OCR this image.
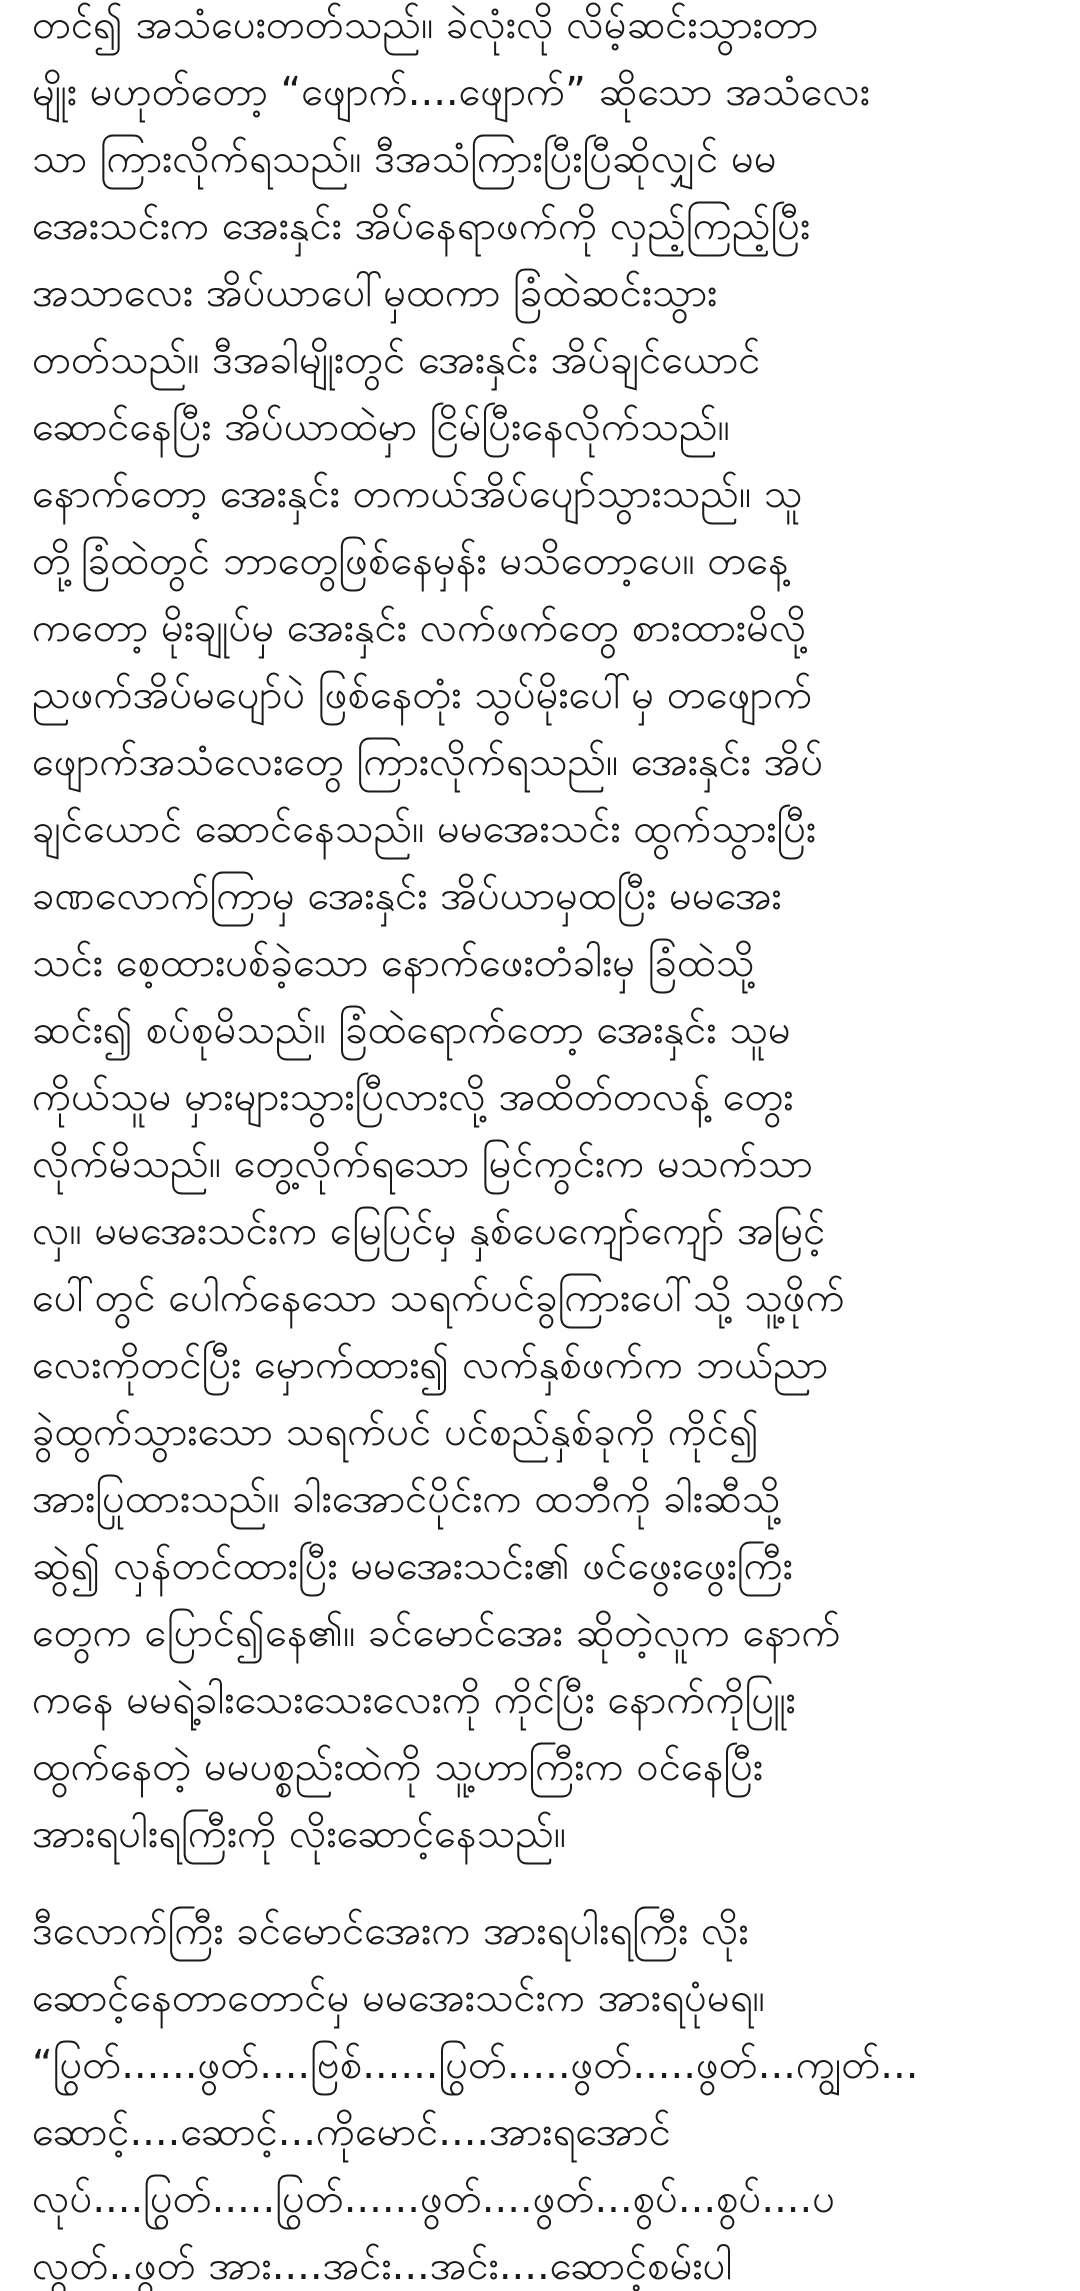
တင်၍ အသံပေးတတ်သည်။ ခဲလုံးလို လိမ့်ဆင်းသွားတာ
မျိုး မဟုတ်တော့ “ဖျောက်....ဖျောက်” ဆိုသော အသံလေး
သာ ကြားလိုက်ရသည်။ ဒီအသံကြားပြီးပြီဆိုလျှင် မမ
အေးသင်းက အေးနှင်း အိပ်နေရာဖက်ကို လှည့်ကြည့်ပြီး
အသာလေး အိပ်ယာပေါ်မှထကာ ခြံထဲဆင်းသွား
တတ်သည်။ ဒီအခါမျိုးတွင် အေးနှင်း အိပ်ချင်ယောင်
ဆောင်နေပြီး အိပ်ယာထဲမှာ ငြိမ်ပြီးနေလိုက်သည်။
နောက်တော့ အေးနှင်း တကယ်အိပ်ပျော်သွားသည်။ သူ
တို့ခြံထဲတွင် ဘာတွေဖြစ်နေမှန်း မသိတော့ပေ။ တနေ့
ကတော့ မိုးချုပ်မှ အေးနှင်း လက်ဖက်တွေ စားထားမိလို့
ညဖက်အိပ်မပျော်ပဲ ဖြစ်နေတုံး သွပ်မိုးပေါ်မှ တဖျောက်
ဖျောက်အသံလေးတွေ ကြားလိုက်ရသည်။ အေးနှင်း အိပ်
ချင်ယောင် ဆောင်နေသည်။ မမအေးသင်း ထွက်သွားပြီး
ခဏလောက်ကြာမှ အေးနှင်း အိပ်ယာမှထပြီး မမအေး
သင်း စေ့ထားပစ်ခဲ့သော နောက်ဖေးတံခါးမှ ခြံထဲသို့
ဆင်း၍ စပ်စုမိသည်။ ခြံထဲရောက်တော့ အေးနှင်း သူမ
ကိုယ်သူမ မှားများသွားပြီလားလို့ အထိတ်တလန့် တွေး
လိုက်မိသည်။ တွေ့လိုက်ရသော မြင်ကွင်းက မသက်သာ
လှ။ မမအေးသင်းက မြေပြင်မှ နှစ်ပေကျော်ကျော် အမြင့်
ပေါ်တွင် ပေါက်နေသော သရက်ပင်ခွကြားပေါ်သို့ သူ့ဖိုက်
လေးကိုတင်ပြီး မှောက်ထား၍ လက်နှစ်ဖက်က ဘယ်ညာ
ခွဲထွက်သွားသော သရက်ပင် ပင်စည်နှစ်ခုကို ကိုင်၍
အားပြုထားသည်။ ခါးအောင်ပိုင်းက ထဘီကို ခါးဆီသို့
ဆွဲ၍ လှန်တင်ထားပြီး မမအေးသင်း၏ ဖင်ဖွေးဖွေးကြီး
တွေက ပြောင်၍နေ၏။ ခင်မောင်အေး ဆိုတဲ့လူက နောက်
ကနေ မမရဲ့ခါးသေးသေးလေးကို ကိုင်ပြီး နောက်ကိုပြူး
ထွက်နေတဲ့ မမပစ္စည်းထဲကို သူ့ဟာကြီးက ဝင်နေပြီး
အားရပါးရကြီးကို လိုးဆောင့်နေသည်။
ဒီလောက်ကြီး ခင်မောင်အေးက အားရပါးရကြီး လိုး
ဆောင့်နေတာတောင်မှ မမအေးသင်းက အားရပုံမရ။
“ပြွတ်......ဖွတ်....ဗြစ်......ပြွတ်.....ဖွတ်.....ဖွတ်...ကျွတ်...
ဆောင့်....ဆောင့်...ကိုမောင်....အားရအောင်
လုပ်....ပြွတ်.....ပြွတ်......ဖွတ်....ဖွတ်...စွပ်...စွပ်....ပ
လွတ်..ဖွတ် အား....အင်း...အင်း....ဆောင့်စမ်းပါ
